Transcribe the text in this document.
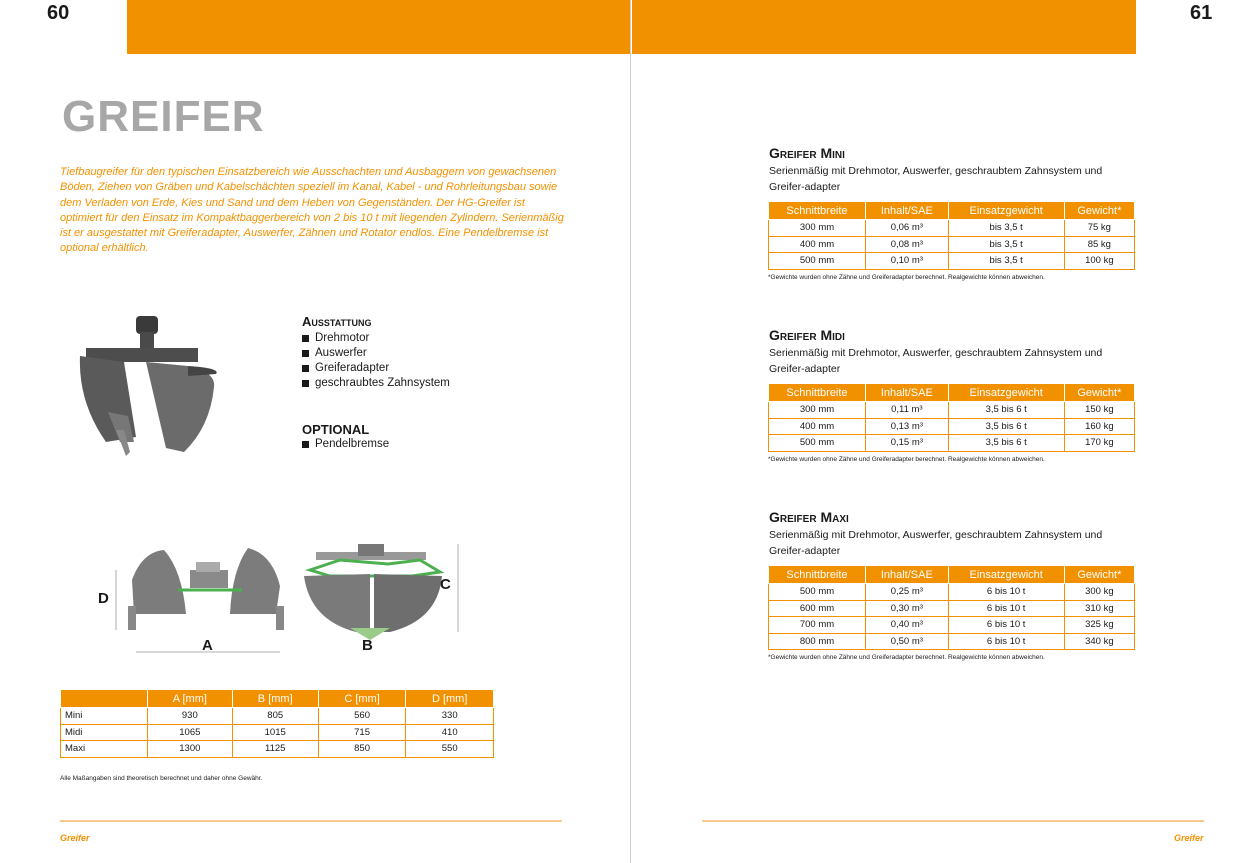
60	61
GREIFER
Tiefbaugreifer für den typischen Einsatzbereich wie Ausschachten und Ausbaggern von gewachsenen Böden, Ziehen von Gräben und Kabelschächten speziell im Kanal, Kabel - und Rohrleitungsbau sowie dem Verladen von Erde, Kies und Sand und dem Heben von Gegenständen. Der HG-Greifer ist optimiert für den Einsatz im Kompaktbaggerbereich von 2 bis 10 t mit liegenden Zylindern. Serienmäßig ist er ausgestattet mit Greiferadapter, Auswerfer, Zähnen und Rotator endlos. Eine Pendelbremse ist optional erhältlich.
Ausstattung
Drehmotor
Auswerfer
Greiferadapter
geschraubtes Zahnsystem
OPTIONAL
Pendelbremse
D
A	B
C
	A [mm]	B [mm]	C [mm]	D [mm]
Mini	930	805	560	330
Midi	1065	1015	715	410
Maxi	1300	1125	850	550
Alle Maßangaben sind theoretisch berechnet und daher ohne Gewähr.
Greifer
Greifer Mini
Serienmäßig mit Drehmotor, Auswerfer, geschraubtem Zahnsystem und Greifer-adapter
Schnittbreite	Inhalt/SAE	Einsatzgewicht	Gewicht*
300 mm	0,06 m³	bis 3,5 t	75 kg
400 mm	0,08 m³	bis 3,5 t	85 kg
500 mm	0,10 m³	bis 3,5 t	100 kg
*Gewichte wurden ohne Zähne und Greiferadapter berechnet. Realgewichte können abweichen.
Greifer Midi
Serienmäßig mit Drehmotor, Auswerfer, geschraubtem Zahnsystem und Greifer-adapter
Schnittbreite	Inhalt/SAE	Einsatzgewicht	Gewicht*
300 mm	0,11 m³	3,5 bis 6 t	150 kg
400 mm	0,13 m³	3,5 bis 6 t	160 kg
500 mm	0,15 m³	3,5 bis 6 t	170 kg
*Gewichte wurden ohne Zähne und Greiferadapter berechnet. Realgewichte können abweichen.
Greifer Maxi
Serienmäßig mit Drehmotor, Auswerfer, geschraubtem Zahnsystem und Greifer-adapter
Schnittbreite	Inhalt/SAE	Einsatzgewicht	Gewicht*
500 mm	0,25 m³	6 bis 10 t	300 kg
600 mm	0,30 m³	6 bis 10 t	310 kg
700 mm	0,40 m³	6 bis 10 t	325 kg
800 mm	0,50 m³	6 bis 10 t	340 kg
*Gewichte wurden ohne Zähne und Greiferadapter berechnet. Realgewichte können abweichen.
Greifer
